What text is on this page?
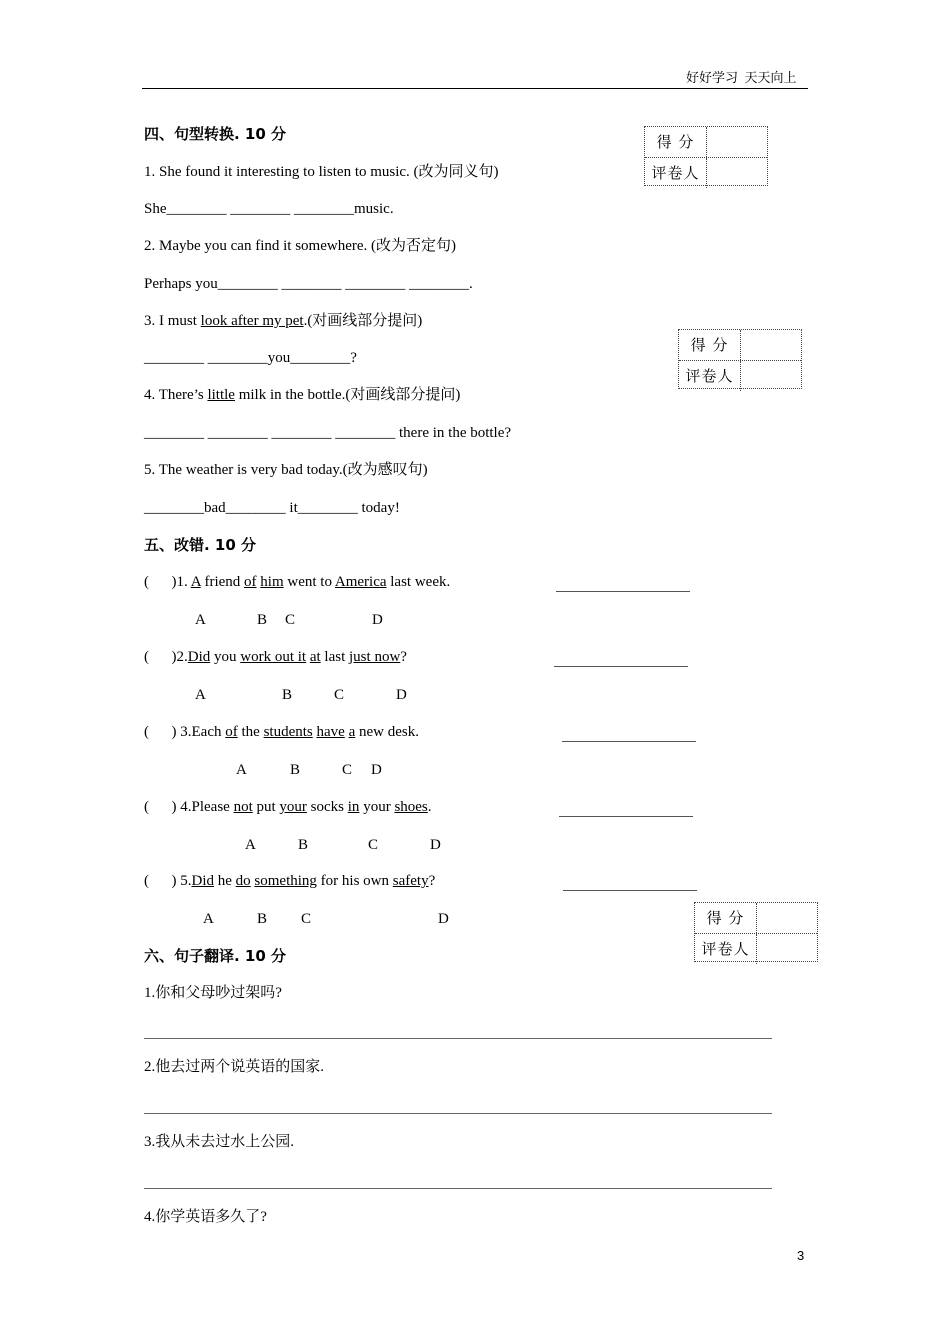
好好学习  天天向上
得 分
评卷人
得 分
评卷人
得 分
评卷人
四、句型转换. 10 分
1. She found it interesting to listen to music. (改为同义句)
She________ ________ ________music.
2. Maybe you can find it somewhere. (改为否定句)
Perhaps you________ ________ ________ ________.
3. I must look after my pet.(对画线部分提问)
________ ________you________?
4. There’s little milk in the bottle.(对画线部分提问)
________ ________ ________ ________ there in the bottle?
5. The weather is very bad today.(改为感叹句)
________bad________ it________ today!
五、改错. 10 分
(      )1. A friend of him went to America last week.
A	B C	D
(      )2.Did you work out it at last just now?
A	B	C	D
(      ) 3.Each of the students have a new desk.
A	B	C D
(      ) 4.Please not put your socks in your shoes.
A	B	C	D
(      ) 5.Did he do something for his own safety?
A	B C	D
六、句子翻译. 10 分
1.你和父母吵过架吗?
2.他去过两个说英语的国家.
3.我从未去过水上公园.
4.你学英语多久了?
3
